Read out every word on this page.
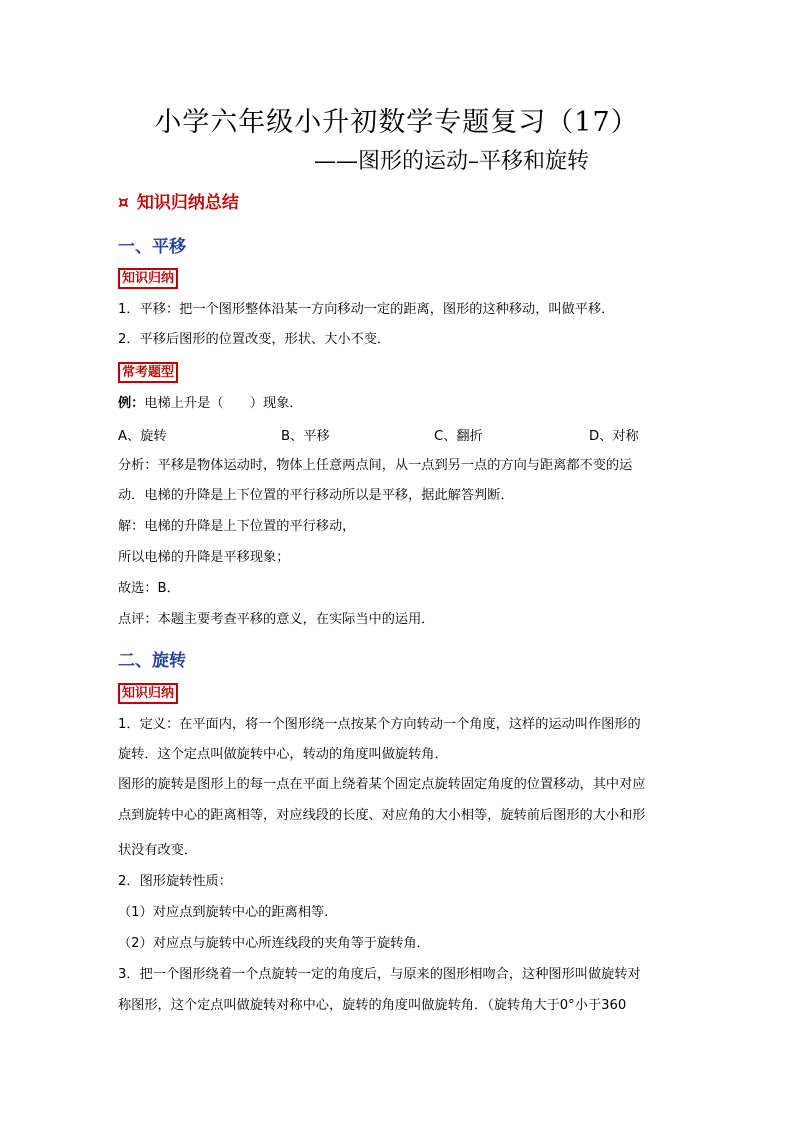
小学六年级小升初数学专题复习（17）
——图形的运动–平移和旋转
¤ 知识归纳总结
一、平移
知识归纳
1．平移：把一个图形整体沿某一方向移动一定的距离，图形的这种移动，叫做平移．
2．平移后图形的位置改变，形状、大小不变．
常考题型
例：电梯上升是（　　）现象．
A、旋转	B、平移	C、翻折	D、对称
分析：平移是物体运动时，物体上任意两点间，从一点到另一点的方向与距离都不变的运
动．电梯的升降是上下位置的平行移动所以是平移，据此解答判断．
解：电梯的升降是上下位置的平行移动，
所以电梯的升降是平移现象；
故选：B．
点评：本题主要考查平移的意义，在实际当中的运用．
二、旋转
知识归纳
1．定义：在平面内，将一个图形绕一点按某个方向转动一个角度，这样的运动叫作图形的
旋转．这个定点叫做旋转中心，转动的角度叫做旋转角．
图形的旋转是图形上的每一点在平面上绕着某个固定点旋转固定角度的位置移动，其中对应
点到旋转中心的距离相等，对应线段的长度、对应角的大小相等，旋转前后图形的大小和形
状没有改变．
2．图形旋转性质：
（1）对应点到旋转中心的距离相等．
（2）对应点与旋转中心所连线段的夹角等于旋转角．
3．把一个图形绕着一个点旋转一定的角度后，与原来的图形相吻合，这种图形叫做旋转对
称图形，这个定点叫做旋转对称中心，旋转的角度叫做旋转角．（旋转角大于0°小于360
